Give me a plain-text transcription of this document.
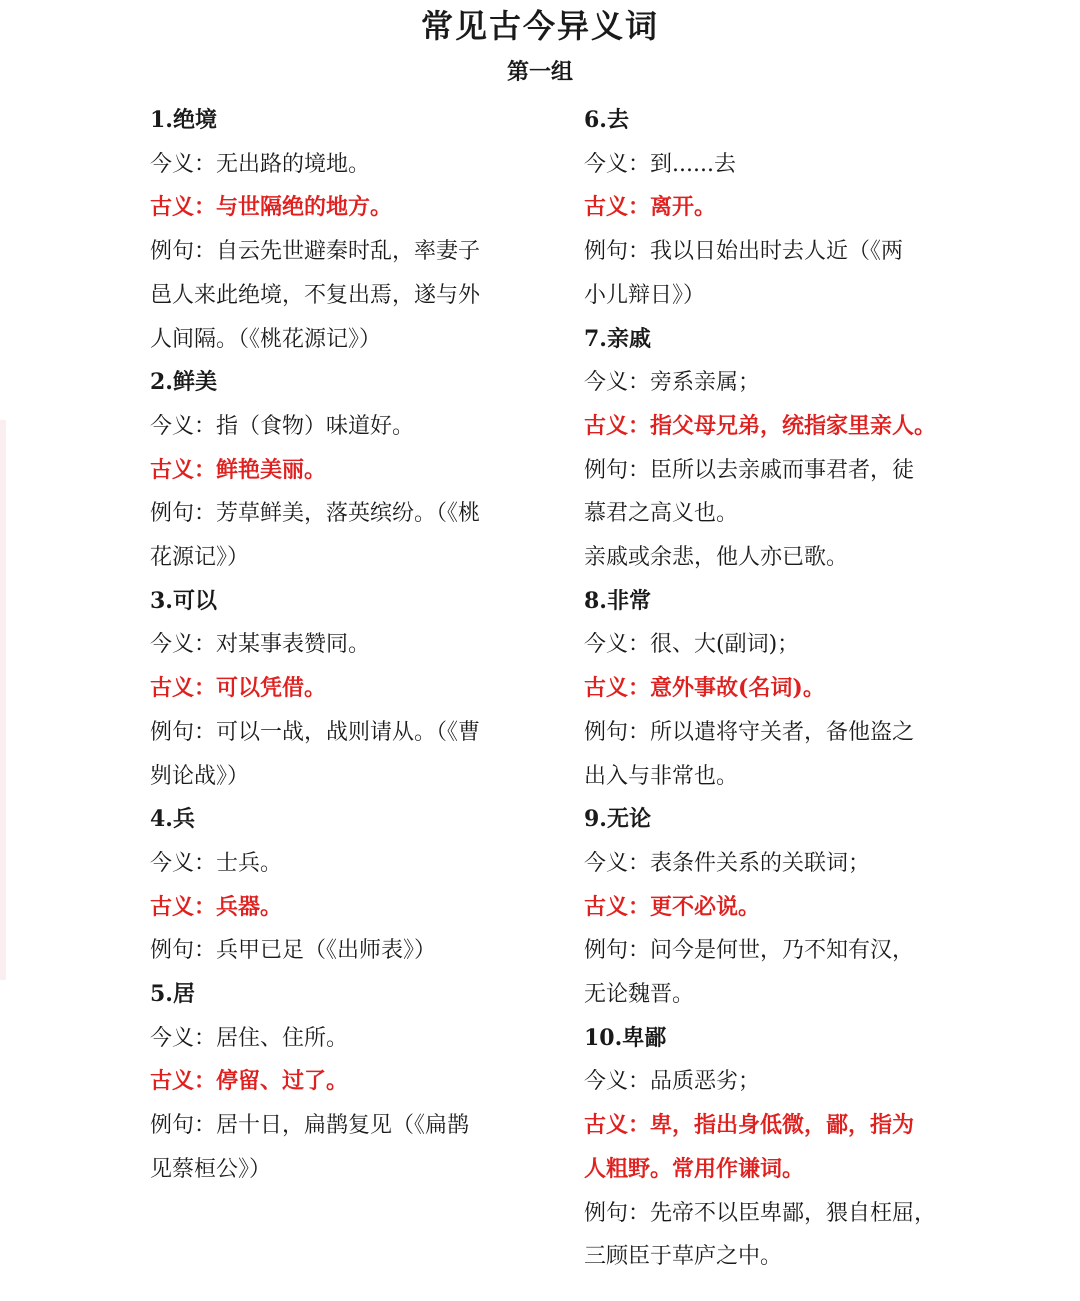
常见古今异义词
第一组
1.绝境
今义：无出路的境地。
古义：与世隔绝的地方。
例句：自云先世避秦时乱，率妻子
邑人来此绝境，不复出焉，遂与外
人间隔。（《桃花源记》）
2.鲜美
今义：指（食物）味道好。
古义：鲜艳美丽。
例句：芳草鲜美，落英缤纷。（《桃
花源记》）
3.可以
今义：对某事表赞同。
古义：可以凭借。
例句：可以一战，战则请从。（《曹
刿论战》）
4.兵
今义：士兵。
古义：兵器。
例句：兵甲已足（《出师表》）
5.居
今义：居住、住所。
古义：停留、过了。
例句：居十日，扁鹊复见（《扁鹊
见蔡桓公》）
6.去
今义：到......去
古义：离开。
例句：我以日始出时去人近（《两
小儿辩日》）
7.亲戚
今义：旁系亲属；
古义：指父母兄弟，统指家里亲人。
例句：臣所以去亲戚而事君者，徒
慕君之高义也。
亲戚或余悲，他人亦已歌。
8.非常
今义：很、大(副词)；
古义：意外事故(名词)。
例句：所以遣将守关者，备他盗之
出入与非常也。
9.无论
今义：表条件关系的关联词；
古义：更不必说。
例句：问今是何世，乃不知有汉，
无论魏晋。
10.卑鄙
今义：品质恶劣；
古义：卑，指出身低微，鄙，指为
人粗野。常用作谦词。
例句：先帝不以臣卑鄙，猥自枉屈，
三顾臣于草庐之中。
